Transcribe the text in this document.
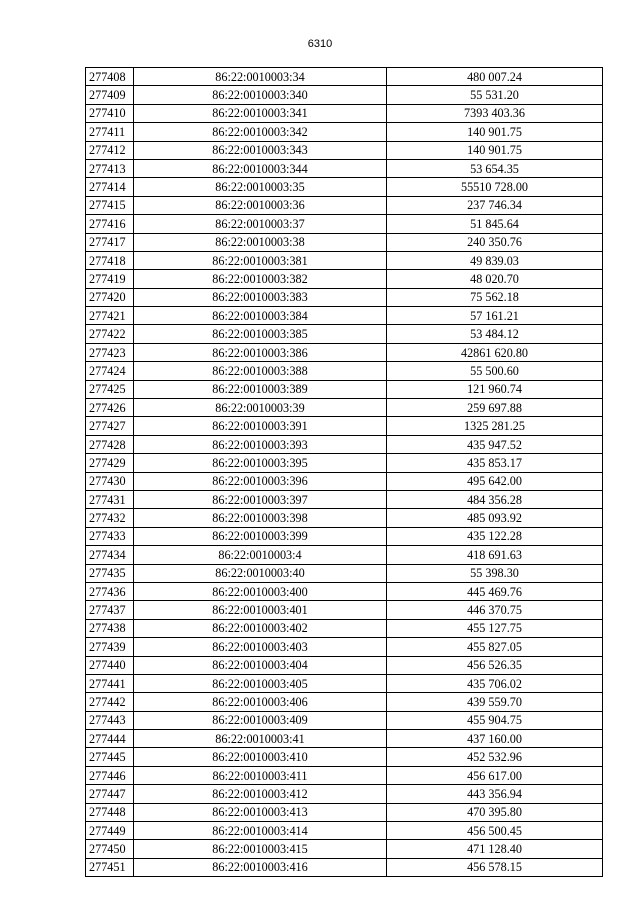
6310
277408	86:22:0010003:34	480 007.24
277409	86:22:0010003:340	55 531.20
277410	86:22:0010003:341	7393 403.36
277411	86:22:0010003:342	140 901.75
277412	86:22:0010003:343	140 901.75
277413	86:22:0010003:344	53 654.35
277414	86:22:0010003:35	55510 728.00
277415	86:22:0010003:36	237 746.34
277416	86:22:0010003:37	51 845.64
277417	86:22:0010003:38	240 350.76
277418	86:22:0010003:381	49 839.03
277419	86:22:0010003:382	48 020.70
277420	86:22:0010003:383	75 562.18
277421	86:22:0010003:384	57 161.21
277422	86:22:0010003:385	53 484.12
277423	86:22:0010003:386	42861 620.80
277424	86:22:0010003:388	55 500.60
277425	86:22:0010003:389	121 960.74
277426	86:22:0010003:39	259 697.88
277427	86:22:0010003:391	1325 281.25
277428	86:22:0010003:393	435 947.52
277429	86:22:0010003:395	435 853.17
277430	86:22:0010003:396	495 642.00
277431	86:22:0010003:397	484 356.28
277432	86:22:0010003:398	485 093.92
277433	86:22:0010003:399	435 122.28
277434	86:22:0010003:4	418 691.63
277435	86:22:0010003:40	55 398.30
277436	86:22:0010003:400	445 469.76
277437	86:22:0010003:401	446 370.75
277438	86:22:0010003:402	455 127.75
277439	86:22:0010003:403	455 827.05
277440	86:22:0010003:404	456 526.35
277441	86:22:0010003:405	435 706.02
277442	86:22:0010003:406	439 559.70
277443	86:22:0010003:409	455 904.75
277444	86:22:0010003:41	437 160.00
277445	86:22:0010003:410	452 532.96
277446	86:22:0010003:411	456 617.00
277447	86:22:0010003:412	443 356.94
277448	86:22:0010003:413	470 395.80
277449	86:22:0010003:414	456 500.45
277450	86:22:0010003:415	471 128.40
277451	86:22:0010003:416	456 578.15
